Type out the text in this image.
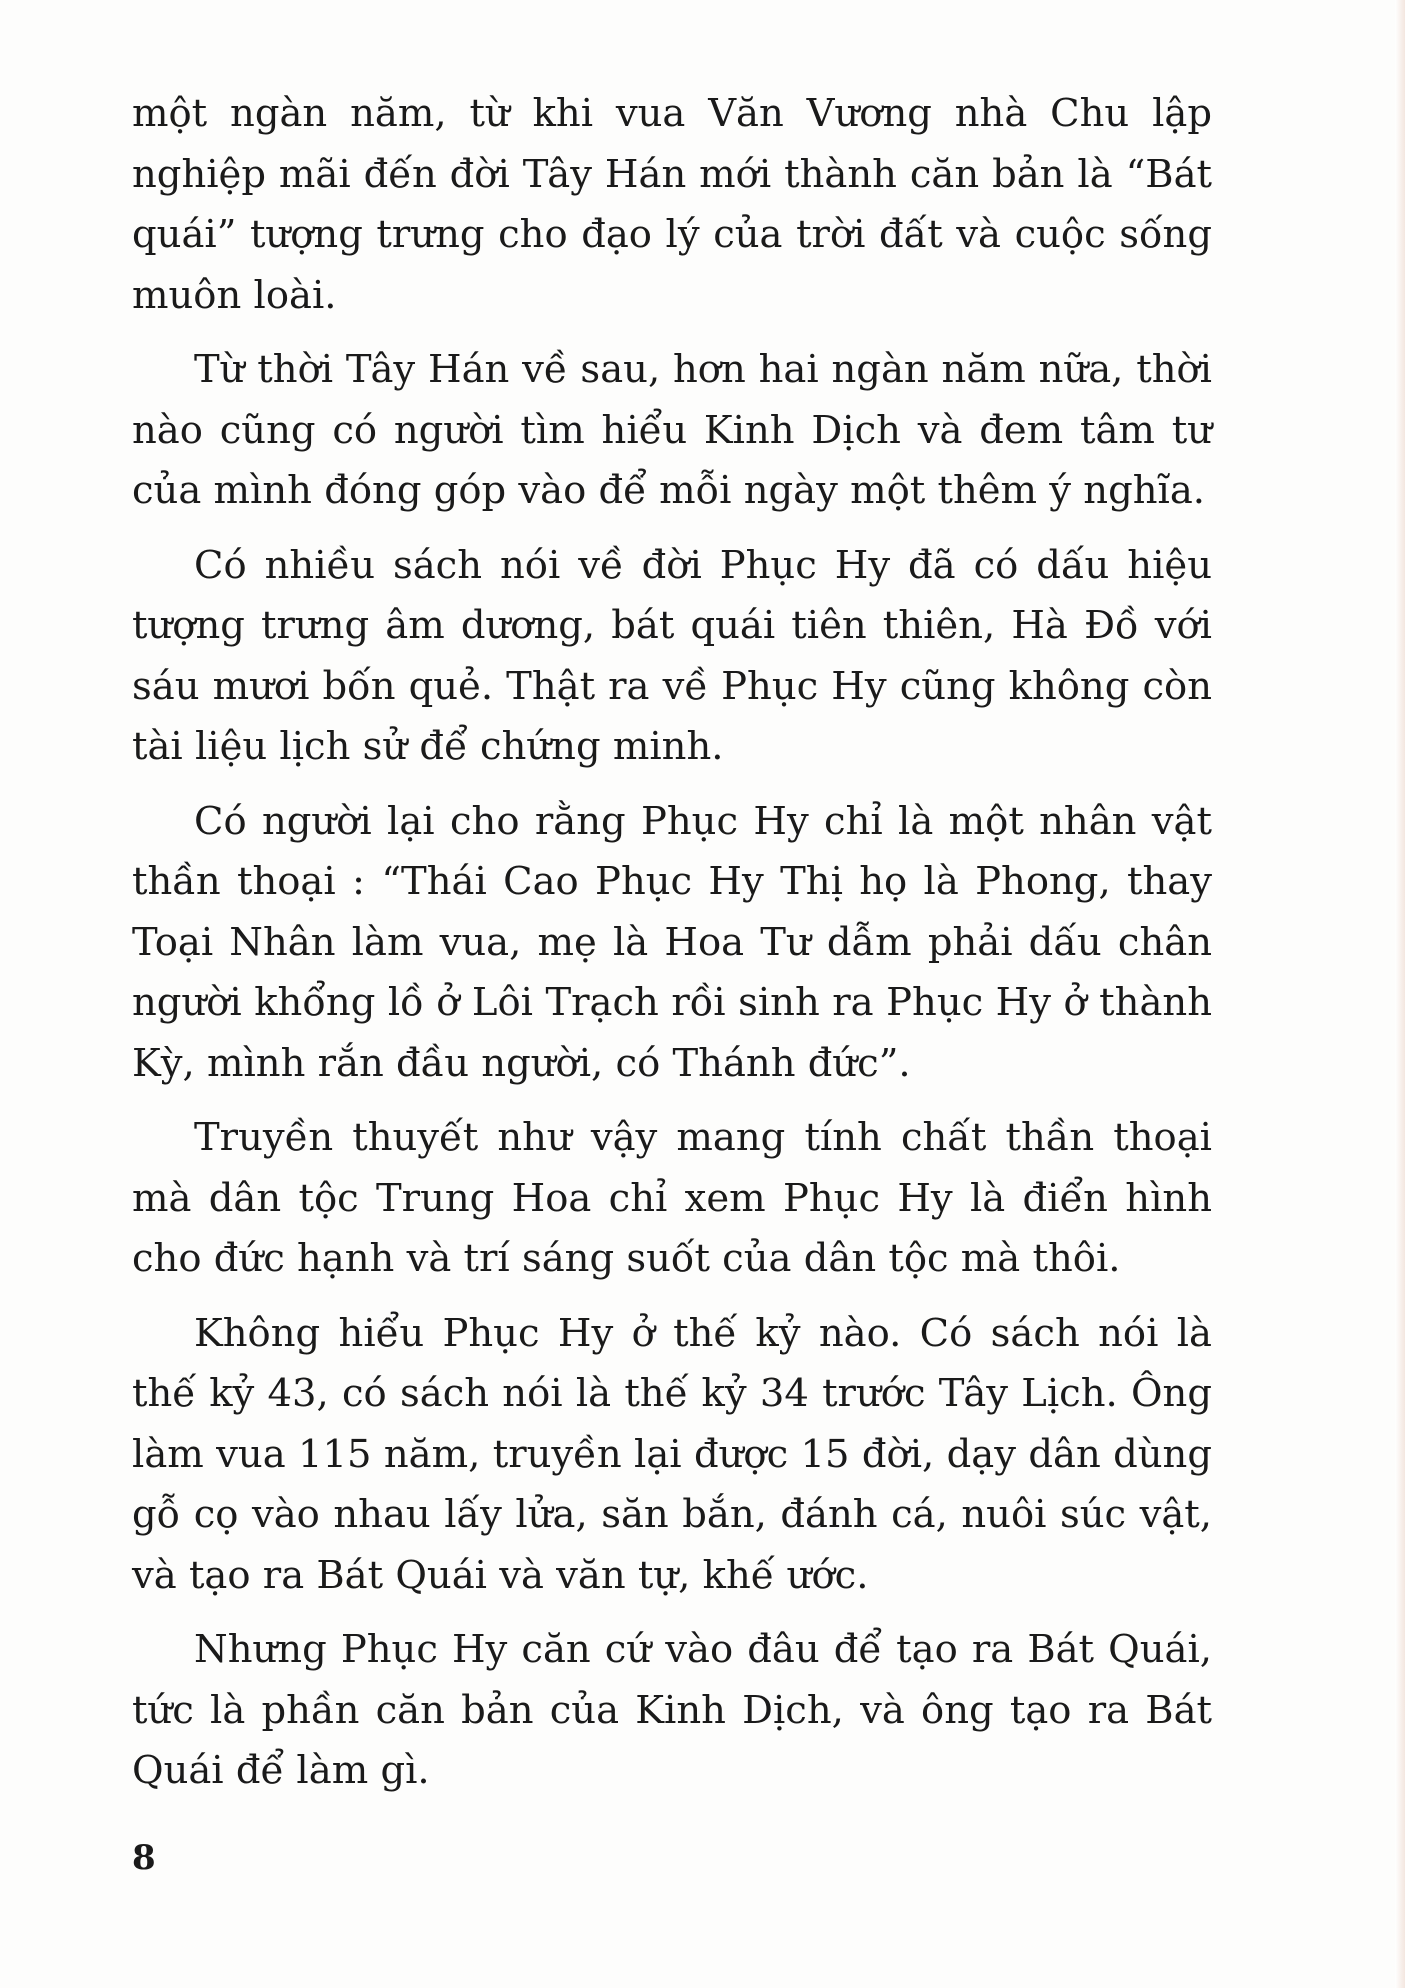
một ngàn năm, từ khi vua Văn Vương nhà Chu lập nghiệp mãi đến đời Tây Hán mới thành căn bản là “Bát quái” tượng trưng cho đạo lý của trời đất và cuộc sống muôn loài.

Từ thời Tây Hán về sau, hơn hai ngàn năm nữa, thời nào cũng có người tìm hiểu Kinh Dịch và đem tâm tư của mình đóng góp vào để mỗi ngày một thêm ý nghĩa.

Có nhiều sách nói về đời Phục Hy đã có dấu hiệu tượng trưng âm dương, bát quái tiên thiên, Hà Đồ với sáu mươi bốn quẻ. Thật ra về Phục Hy cũng không còn tài liệu lịch sử để chứng minh.

Có người lại cho rằng Phục Hy chỉ là một nhân vật thần thoại : “Thái Cao Phục Hy Thị họ là Phong, thay Toại Nhân làm vua, mẹ là Hoa Tư dẫm phải dấu chân người khổng lồ ở Lôi Trạch rồi sinh ra Phục Hy ở thành Kỳ, mình rắn đầu người, có Thánh đức”.

Truyền thuyết như vậy mang tính chất thần thoại mà dân tộc Trung Hoa chỉ xem Phục Hy là điển hình cho đức hạnh và trí sáng suốt của dân tộc mà thôi.

Không hiểu Phục Hy ở thế kỷ nào. Có sách nói là thế kỷ 43, có sách nói là thế kỷ 34 trước Tây Lịch. Ông làm vua 115 năm, truyền lại được 15 đời, dạy dân dùng gỗ cọ vào nhau lấy lửa, săn bắn, đánh cá, nuôi súc vật, và tạo ra Bát Quái và văn tự, khế ước.

Nhưng Phục Hy căn cứ vào đâu để tạo ra Bát Quái, tức là phần căn bản của Kinh Dịch, và ông tạo ra Bát Quái để làm gì.

8
